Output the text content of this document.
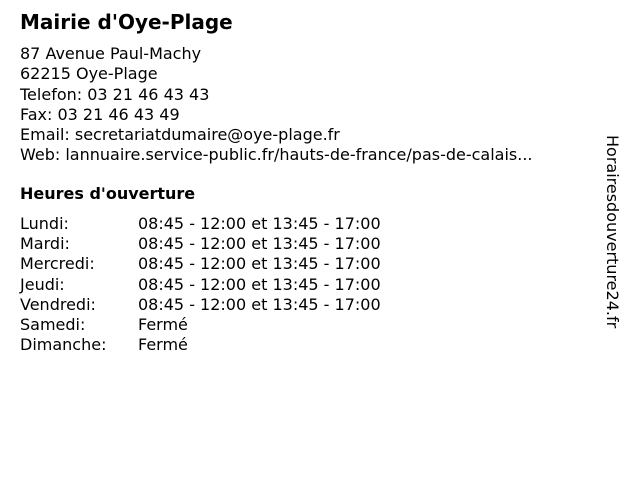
Mairie d'Oye-Plage
87 Avenue Paul-Machy
62215 Oye-Plage
Telefon: 03 21 46 43 43
Fax: 03 21 46 43 49
Email: secretariatdumaire@oye-plage.fr
Web: lannuaire.service-public.fr/hauts-de-france/pas-de-calais...
Heures d'ouverture
Lundi:	08:45 - 12:00 et 13:45 - 17:00
Mardi:	08:45 - 12:00 et 13:45 - 17:00
Mercredi:	08:45 - 12:00 et 13:45 - 17:00
Jeudi:	08:45 - 12:00 et 13:45 - 17:00
Vendredi:	08:45 - 12:00 et 13:45 - 17:00
Samedi:	Fermé
Dimanche: Fermé
Horairesdouverture24.fr
